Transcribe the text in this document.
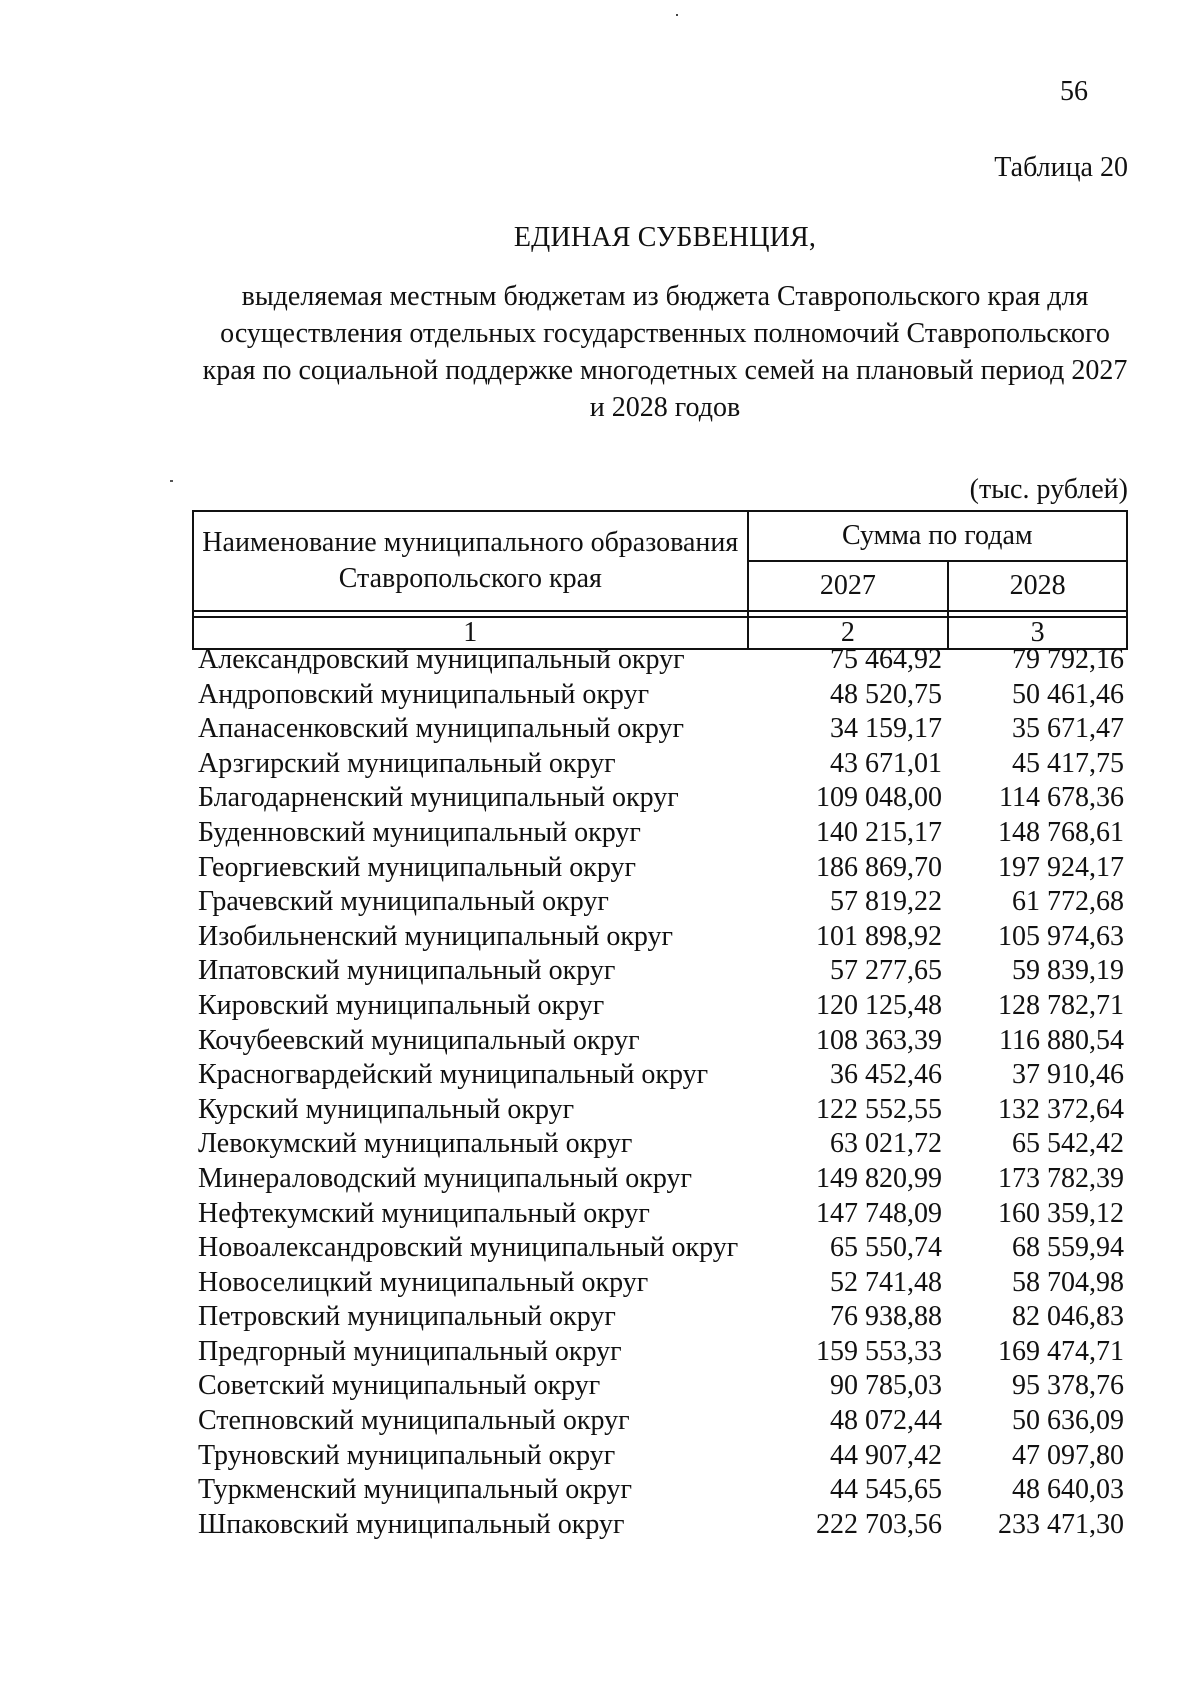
56
Таблица 20
ЕДИНАЯ СУБВЕНЦИЯ,
выделяемая местным бюджетам из бюджета Ставропольского края для осуществления отдельных государственных полномочий Ставропольского края по социальной поддержке многодетных семей на плановый период 2027 и 2028 годов
(тыс. рублей)
Наименование муниципального образования Ставропольского края	Сумма по годам	
	2027	2028

1	2	3
Александровский муниципальный округ	75 464,92	79 792,16
Андроповский муниципальный округ	48 520,75	50 461,46
Апанасенковский муниципальный округ	34 159,17	35 671,47
Арзгирский муниципальный округ	43 671,01	45 417,75
Благодарненский муниципальный округ	109 048,00	114 678,36
Буденновский муниципальный округ	140 215,17	148 768,61
Георгиевский муниципальный округ	186 869,70	197 924,17
Грачевский муниципальный округ	57 819,22	61 772,68
Изобильненский муниципальный округ	101 898,92	105 974,63
Ипатовский муниципальный округ	57 277,65	59 839,19
Кировский муниципальный округ	120 125,48	128 782,71
Кочубеевский муниципальный округ	108 363,39	116 880,54
Красногвардейский муниципальный округ	36 452,46	37 910,46
Курский муниципальный округ	122 552,55	132 372,64
Левокумский муниципальный округ	63 021,72	65 542,42
Минераловодский муниципальный округ	149 820,99	173 782,39
Нефтекумский муниципальный округ	147 748,09	160 359,12
Новоалександровский муниципальный округ	65 550,74	68 559,94
Новоселицкий муниципальный округ	52 741,48	58 704,98
Петровский муниципальный округ	76 938,88	82 046,83
Предгорный муниципальный округ	159 553,33	169 474,71
Советский муниципальный округ	90 785,03	95 378,76
Степновский муниципальный округ	48 072,44	50 636,09
Труновский муниципальный округ	44 907,42	47 097,80
Туркменский муниципальный округ	44 545,65	48 640,03
Шпаковский муниципальный округ	222 703,56	233 471,30
